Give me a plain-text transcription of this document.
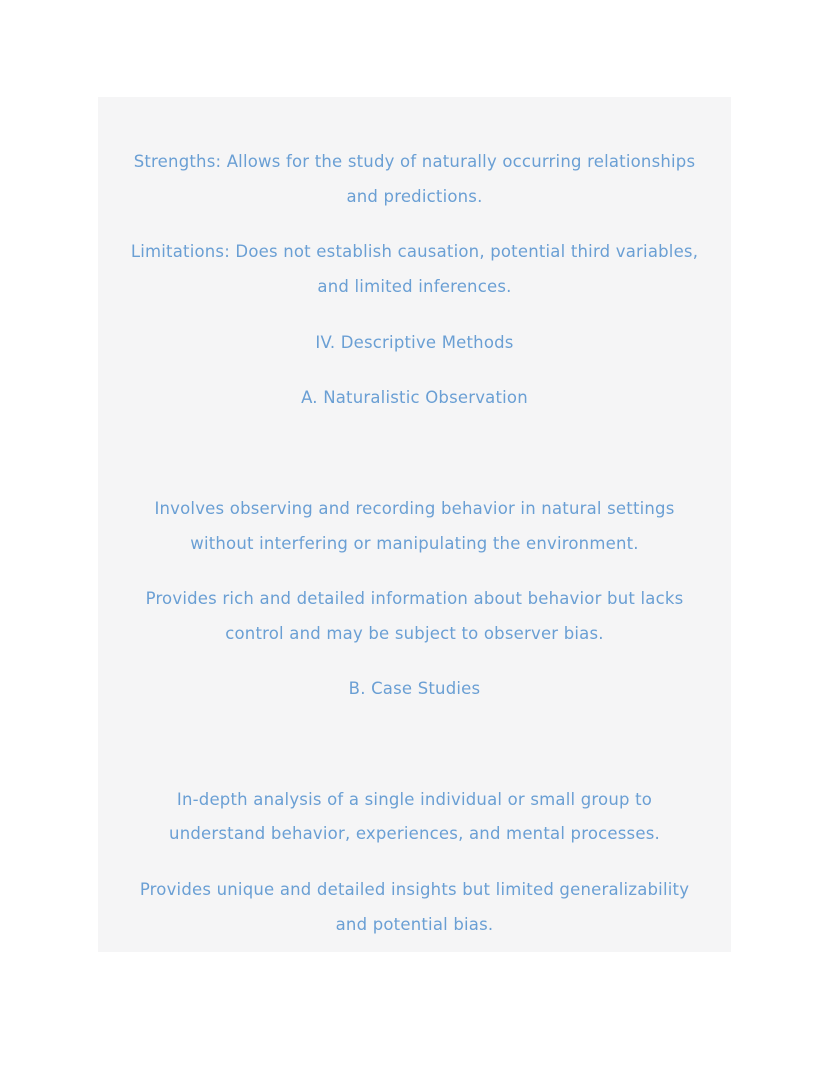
Strengths: Allows for the study of naturally occurring relationships
and predictions.
Limitations: Does not establish causation, potential third variables,
and limited inferences.
IV. Descriptive Methods
A. Naturalistic Observation
Involves observing and recording behavior in natural settings
without interfering or manipulating the environment.
Provides rich and detailed information about behavior but lacks
control and may be subject to observer bias.
B. Case Studies
In-depth analysis of a single individual or small group to
understand behavior, experiences, and mental processes.
Provides unique and detailed insights but limited generalizability
and potential bias.
